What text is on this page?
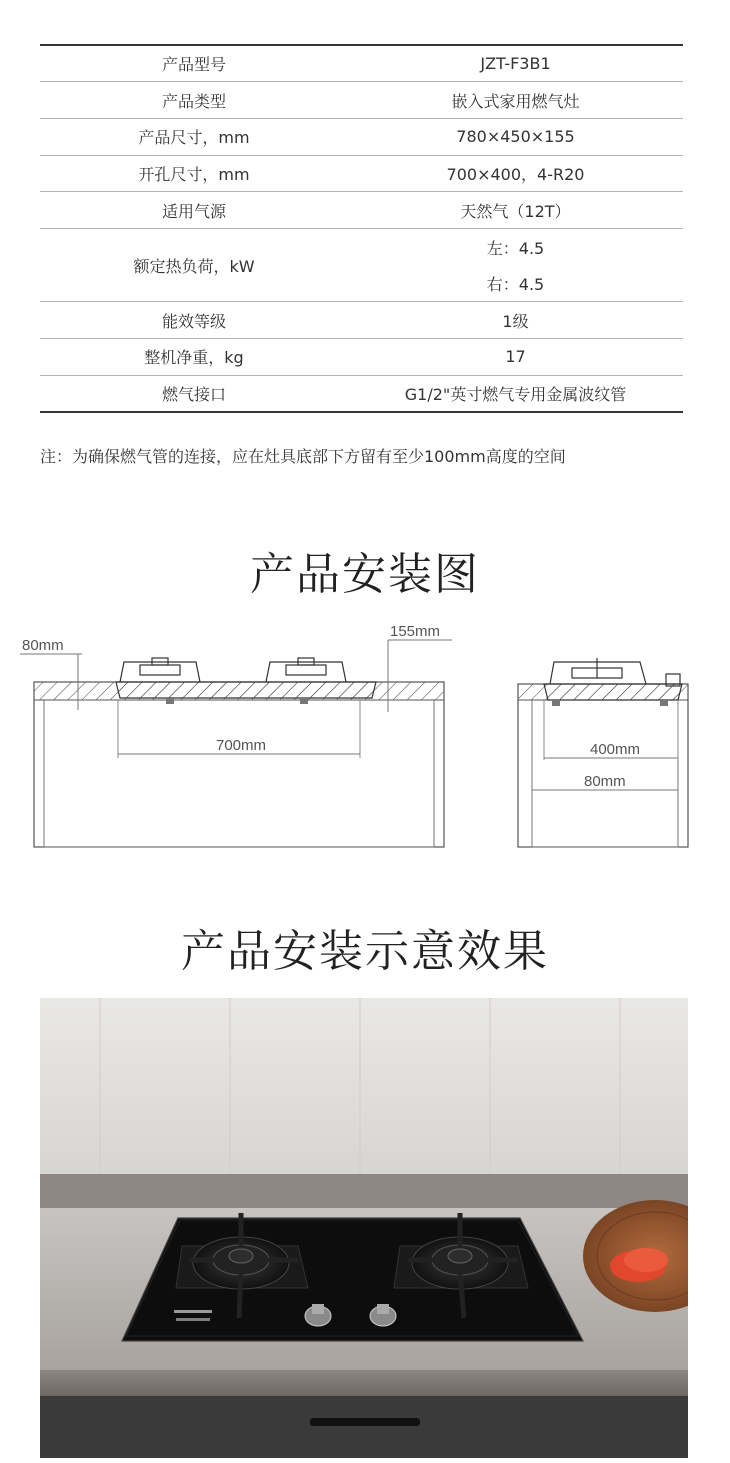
产品型号	JZT-F3B1
产品类型	嵌入式家用燃气灶
产品尺寸，mm	780×450×155
开孔尺寸，mm	700×400，4-R20
适用气源	天然气（12T）
额定热负荷，kW	左：4.5
	右：4.5
能效等级	1级
整机净重，kg	17
燃气接口	G1/2"英寸燃气专用金属波纹管
注：为确保燃气管的连接，应在灶具底部下方留有至少100mm高度的空间
产品安装图
80mm
155mm
700mm	400mm
80mm
产品安装示意效果
